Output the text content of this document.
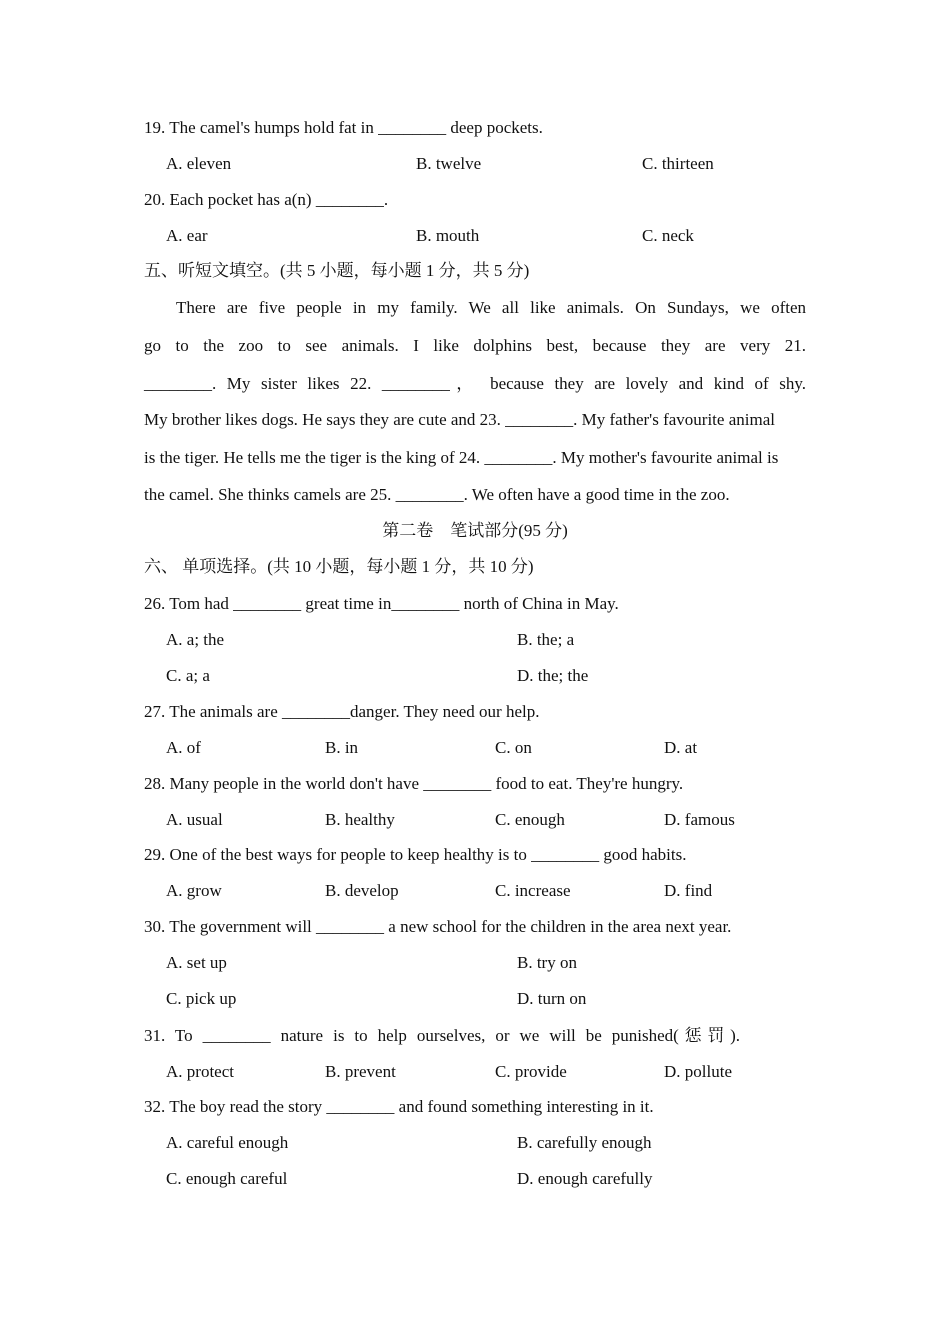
19. The camel's humps hold fat in ________ deep pockets.
A. eleven	B. twelve	C. thirteen
20. Each pocket has a(n) ________.
A. ear	B. mouth	C. neck
五、听短文填空。(共 5 小题，每小题 1 分，共 5 分)
There are five people in my family. We all like animals. On Sundays, we often
go to the zoo to see animals. I like dolphins best, because they are very 21.
________. My sister likes 22. ________， because they are lovely and kind of shy.
My brother likes dogs. He says they are cute and 23. ________. My father's favourite animal
is the tiger. He tells me the tiger is the king of 24. ________. My mother's favourite animal is
the camel. She thinks camels are 25. ________. We often have a good time in the zoo.
第二卷　笔试部分(95 分)
六、 单项选择。(共 10 小题，每小题 1 分，共 10 分)
26. Tom had ________ great time in________ north of China in May.
A. a; the	B. the; a
C. a; a	D. the; the
27. The animals are ________danger. They need our help.
A. of	B. in	C. on	D. at
28. Many people in the world don't have ________ food to eat. They're hungry.
A. usual	B. healthy	C. enough	D. famous
29. One of the best ways for people to keep healthy is to ________ good habits.
A. grow	B. develop	C. increase	D. find
30. The government will ________ a new school for the children in the area next year.
A. set up	B. try on
C. pick up	D. turn on
31. To ________ nature is to help ourselves, or we will be punished(惩罚).
A. protect	B. prevent	C. provide	D. pollute
32. The boy read the story ________ and found something interesting in it.
A. careful enough	B. carefully enough
C. enough careful	D. enough carefully
